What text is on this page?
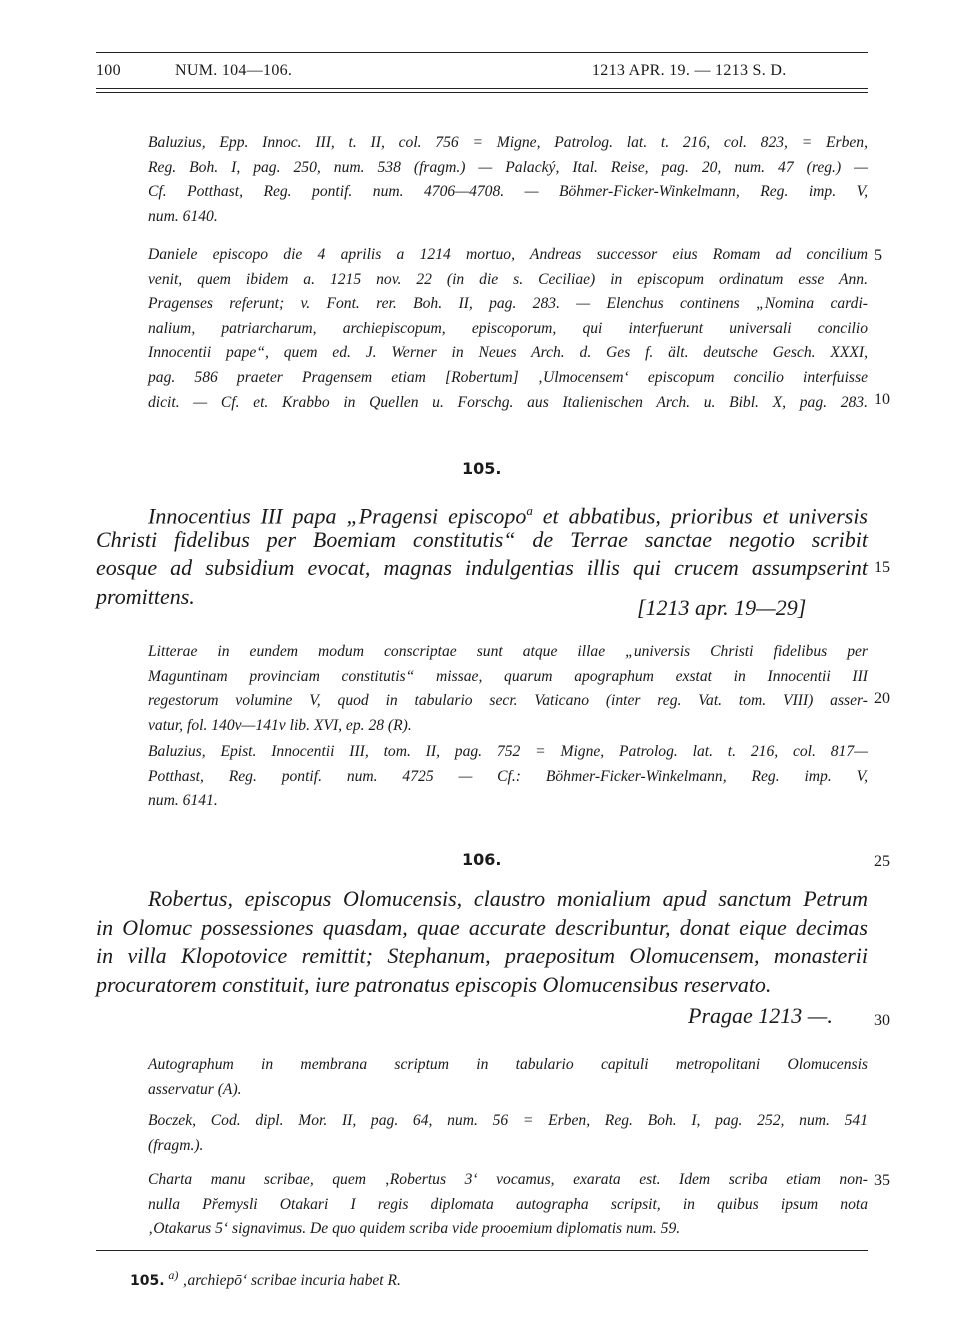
100	NUM. 104—106.	1213 APR. 19. — 1213 S. D.
Baluzius, Epp. Innoc. III, t. II, col. 756 = Migne, Patrolog. lat. t. 216, col. 823, = Erben,
Reg. Boh. I, pag. 250, num. 538 (fragm.) — Palacký, Ital. Reise, pag. 20, num. 47 (reg.) —
Cf. Potthast, Reg. pontif. num. 4706—4708. — Böhmer-Ficker-Winkelmann, Reg. imp. V,
num. 6140.
Daniele episcopo die 4 aprilis a 1214 mortuo, Andreas successor eius Romam ad concilium
venit, quem ibidem a. 1215 nov. 22 (in die s. Ceciliae) in episcopum ordinatum esse Ann.
Pragenses referunt; v. Font. rer. Boh. II, pag. 283. — Elenchus continens „Nomina cardi-
nalium, patriarcharum, archiepiscopum, episcoporum, qui interfuerunt universali concilio
Innocentii pape“, quem ed. J. Werner in Neues Arch. d. Ges f. ält. deutsche Gesch. XXXI,
pag. 586 praeter Pragensem etiam [Robertum] ‚Ulmocensem‘ episcopum concilio interfuisse
dicit. — Cf. et. Krabbo in Quellen u. Forschg. aus Italienischen Arch. u. Bibl. X, pag. 283.
105.
Innocentius III papa „Pragensi episcopo$^a$ et abbatibus, prioribus et universis
Christi fidelibus per Boemiam constitutis“ de Terrae sanctae negotio scribit
eosque ad subsidium evocat, magnas indulgentias illis qui crucem assumpserint
promittens.	[1213 apr. 19—29]
Litterae in eundem modum conscriptae sunt atque illae „universis Christi fidelibus per
Maguntinam provinciam constitutis“ missae, quarum apographum exstat in Innocentii III
regestorum volumine V, quod in tabulario secr. Vaticano (inter reg. Vat. tom. VIII) asser-
vatur, fol. 140v—141v lib. XVI, ep. 28 (R).
Baluzius, Epist. Innocentii III, tom. II, pag. 752 = Migne, Patrolog. lat. t. 216, col. 817—
Potthast, Reg. pontif. num. 4725 — Cf.: Böhmer-Ficker-Winkelmann, Reg. imp. V,
num. 6141.
106.
Robertus, episcopus Olomucensis, claustro monialium apud sanctum Petrum
in Olomuc possessiones quasdam, quae accurate describuntur, donat eique decimas
in villa Klopotovice remittit; Stephanum, praepositum Olomucensem, monasterii
procuratorem constituit, iure patronatus episcopis Olomucensibus reservato.
Pragae 1213 —.
Autographum in membrana scriptum in tabulario capituli metropolitani Olomucensis
asservatur (A).
Boczek, Cod. dipl. Mor. II, pag. 64, num. 56 = Erben, Reg. Boh. I, pag. 252, num. 541
(fragm.).
Charta manu scribae, quem ‚Robertus 3‘ vocamus, exarata est. Idem scriba etiam non-
nulla Přemysli Otakari I regis diplomata autographa scripsit, in quibus ipsum nota
‚Otakarus 5‘ signavimus. De quo quidem scriba vide prooemium diplomatis num. 59.
5
10
15
20
25
30
35
105. $^{a)}$ ‚archiepō‘ scribae incuria habet R.
